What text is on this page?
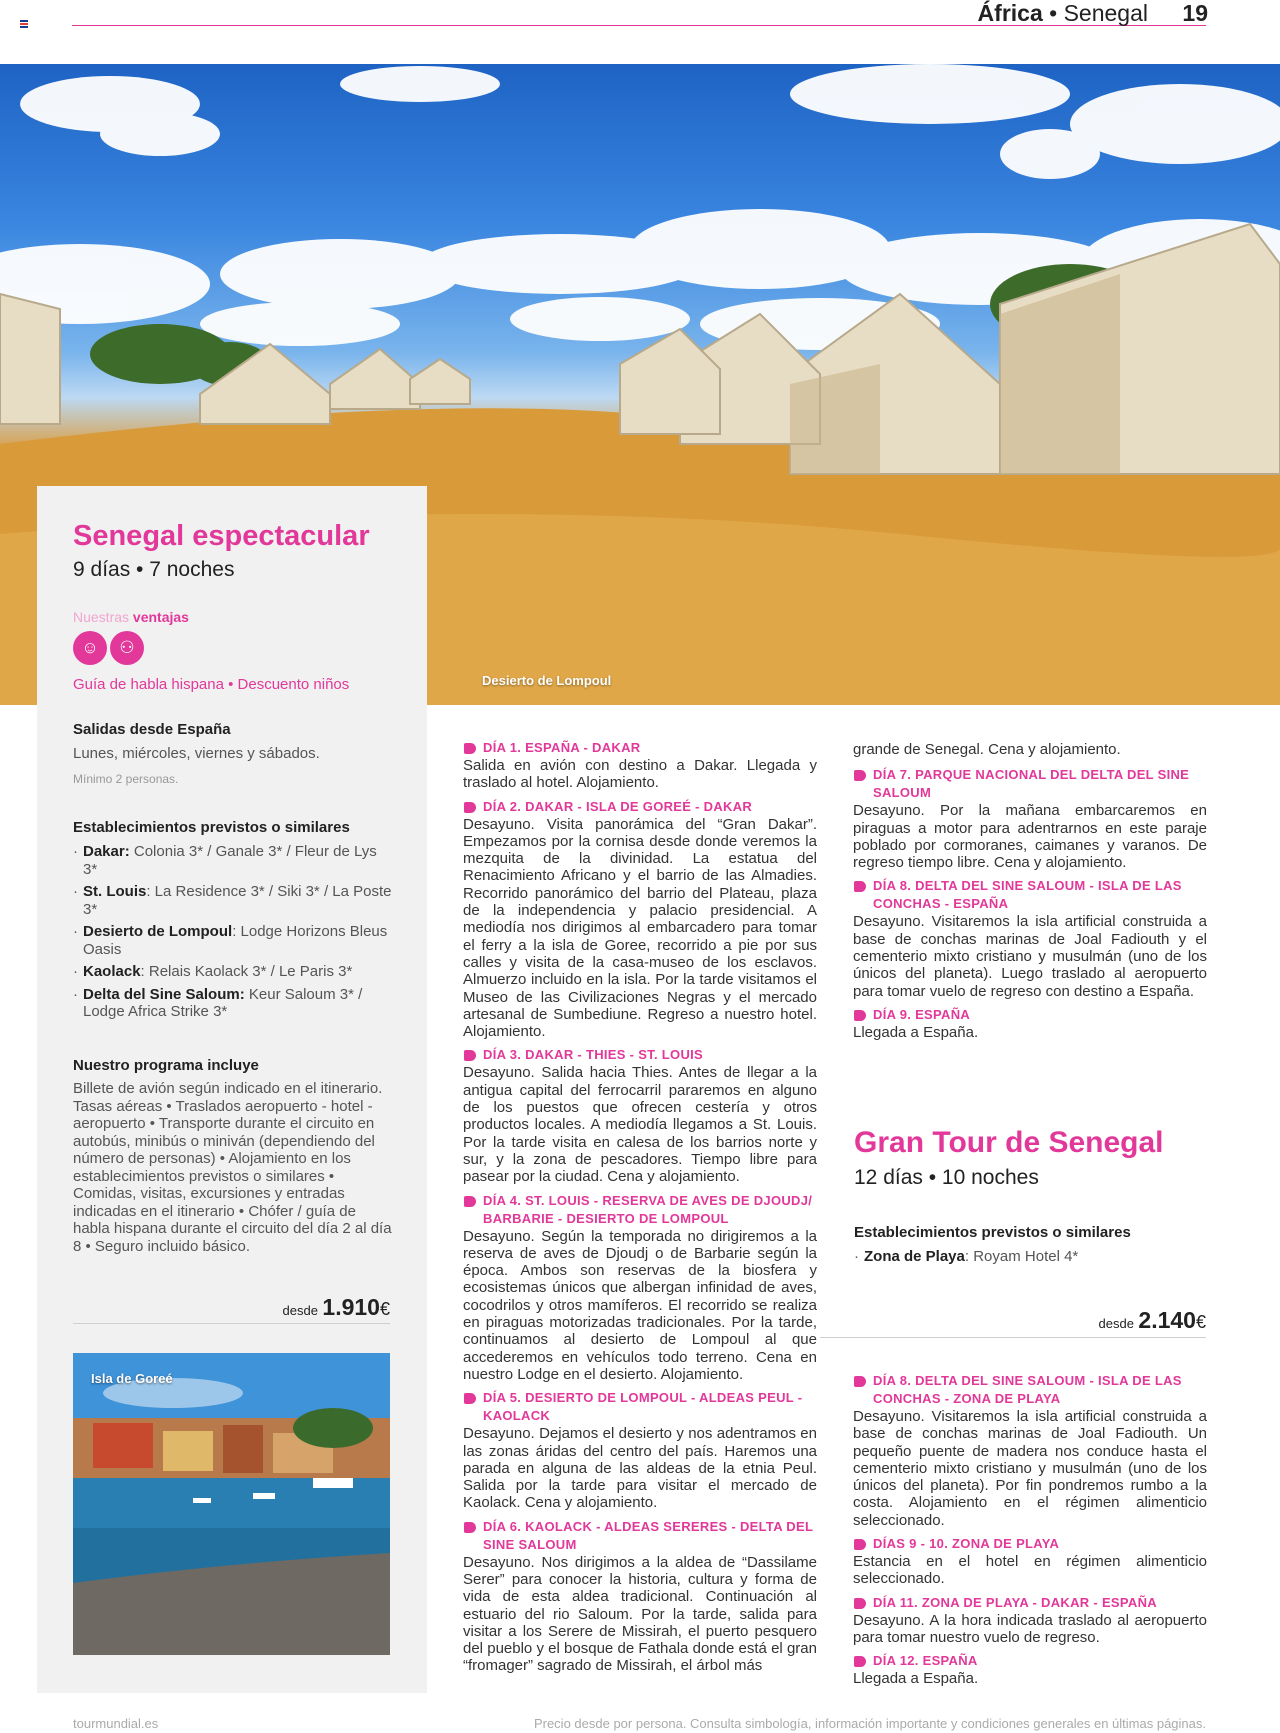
África • Senegal 19
Desierto de Lompoul
Senegal espectacular
9 días • 7 noches
Nuestras ventajas
☺ ⚇
Guía de habla hispana • Descuento niños
Salidas desde España
Lunes, miércoles, viernes y sábados.
Mínimo 2 personas.
Establecimientos previstos o similares
· Dakar: Colonia 3* / Ganale 3* / Fleur de Lys 3*
· St. Louis: La Residence 3* / Siki 3* / La Poste 3*
· Desierto de Lompoul: Lodge Horizons Bleus Oasis
· Kaolack: Relais Kaolack 3* / Le Paris 3*
· Delta del Sine Saloum: Keur Saloum 3* / Lodge Africa Strike 3*
Nuestro programa incluye
Billete de avión según indicado en el itinerario. Tasas aéreas • Traslados aeropuerto - hotel - aeropuerto • Transporte durante el circuito en autobús, minibús o miniván (dependiendo del número de personas) • Alojamiento en los establecimientos previstos o similares • Comidas, visitas, excursiones y entradas indicadas en el itinerario • Chófer / guía de habla hispana durante el circuito del día 2 al día 8 • Seguro incluido básico.
desde 1.910€
Isla de Goreé
DÍA 1. ESPAÑA - DAKAR
Salida en avión con destino a Dakar. Llegada y traslado al hotel. Alojamiento.
DÍA 2. DAKAR - ISLA DE GOREÉ - DAKAR
Desayuno. Visita panorámica del “Gran Dakar”. Empezamos por la cornisa desde donde veremos la mezquita de la divinidad. La estatua del Renacimiento Africano y el barrio de las Almadies. Recorrido panorámico del barrio del Plateau, plaza de la independencia y palacio presidencial. A mediodía nos dirigimos al embarcadero para tomar el ferry a la isla de Goree, recorrido a pie por sus calles y visita de la casa-museo de los esclavos. Almuerzo incluido en la isla. Por la tarde visitamos el Museo de las Civilizaciones Negras y el mercado artesanal de Sumbediune. Regreso a nuestro hotel. Alojamiento.
DÍA 3. DAKAR - THIES - ST. LOUIS
Desayuno. Salida hacia Thies. Antes de llegar a la antigua capital del ferrocarril pararemos en alguno de los puestos que ofrecen cestería y otros productos locales. A mediodía llegamos a St. Louis. Por la tarde visita en calesa de los barrios norte y sur, y la zona de pescadores. Tiempo libre para pasear por la ciudad. Cena y alojamiento.
DÍA 4. ST. LOUIS - RESERVA DE AVES DE DJOUDJ/ BARBARIE - DESIERTO DE LOMPOUL
Desayuno. Según la temporada no dirigiremos a la reserva de aves de Djoudj o de Barbarie según la época. Ambos son reservas de la biosfera y ecosistemas únicos que albergan infinidad de aves, cocodrilos y otros mamíferos. El recorrido se realiza en piraguas motorizadas tradicionales. Por la tarde, continuamos al desierto de Lompoul al que accederemos en vehículos todo terreno. Cena en nuestro Lodge en el desierto. Alojamiento.
DÍA 5. DESIERTO DE LOMPOUL - ALDEAS PEUL - KAOLACK
Desayuno. Dejamos el desierto y nos adentramos en las zonas áridas del centro del país. Haremos una parada en alguna de las aldeas de la etnia Peul. Salida por la tarde para visitar el mercado de Kaolack. Cena y alojamiento.
DÍA 6. KAOLACK - ALDEAS SERERES - DELTA DEL SINE SALOUM
Desayuno. Nos dirigimos a la aldea de “Dassilame Serer” para conocer la historia, cultura y forma de vida de esta aldea tradicional. Continuación al estuario del rio Saloum. Por la tarde, salida para visitar a los Serere de Missirah, el puerto pesquero del pueblo y el bosque de Fathala donde está el gran “fromager” sagrado de Missirah, el árbol más
grande de Senegal. Cena y alojamiento.
DÍA 7. PARQUE NACIONAL DEL DELTA DEL SINE SALOUM
Desayuno. Por la mañana embarcaremos en piraguas a motor para adentrarnos en este paraje poblado por cormoranes, caimanes y varanos. De regreso tiempo libre. Cena y alojamiento.
DÍA 8. DELTA DEL SINE SALOUM - ISLA DE LAS CONCHAS - ESPAÑA
Desayuno. Visitaremos la isla artificial construida a base de conchas marinas de Joal Fadiouth y el cementerio mixto cristiano y musulmán (uno de los únicos del planeta). Luego traslado al aeropuerto para tomar vuelo de regreso con destino a España.
DÍA 9. ESPAÑA
Llegada a España.
Gran Tour de Senegal
12 días • 10 noches
Establecimientos previstos o similares
· Zona de Playa: Royam Hotel 4*
desde 2.140€
DÍA 8. DELTA DEL SINE SALOUM - ISLA DE LAS CONCHAS - ZONA DE PLAYA
Desayuno. Visitaremos la isla artificial construida a base de conchas marinas de Joal Fadiouth. Un pequeño puente de madera nos conduce hasta el cementerio mixto cristiano y musulmán (uno de los únicos del planeta). Por fin pondremos rumbo a la costa. Alojamiento en el régimen alimenticio seleccionado.
DÍAS 9 - 10. ZONA DE PLAYA
Estancia en el hotel en régimen alimenticio seleccionado.
DÍA 11. ZONA DE PLAYA - DAKAR - ESPAÑA
Desayuno. A la hora indicada traslado al aeropuerto para tomar nuestro vuelo de regreso.
DÍA 12. ESPAÑA
Llegada a España.
tourmundial.es	Precio desde por persona. Consulta simbología, información importante y condiciones generales en últimas páginas.
